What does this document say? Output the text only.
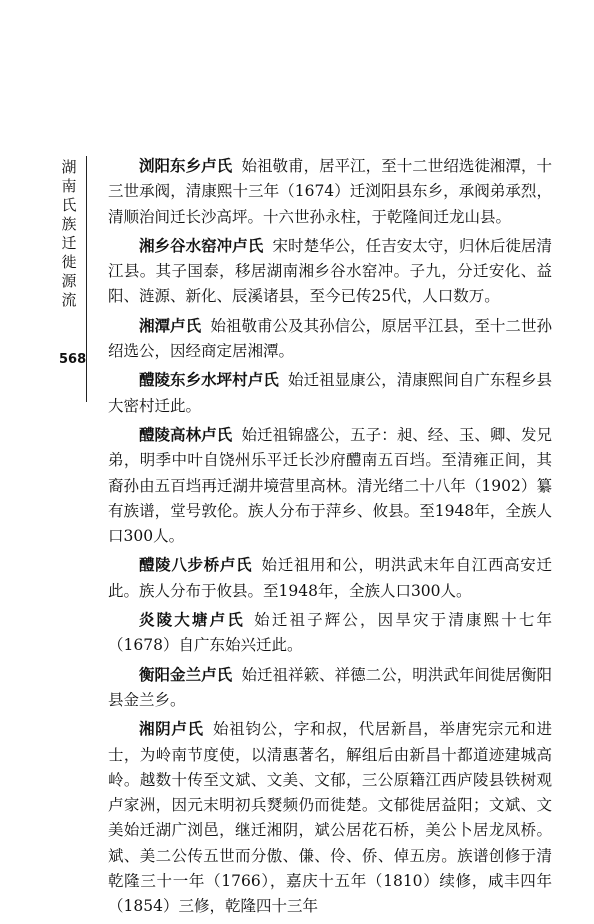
湖南氏族迁徙源流
568

浏阳东乡卢氏 始祖敬甫，居平江，至十二世绍选徙湘潭，十三世承阀，清康熙十三年（1674）迁浏阳县东乡，承阀弟承烈，清顺治间迁长沙高坪。十六世孙永柱，于乾隆间迁龙山县。

湘乡谷水窑冲卢氏 宋时楚华公，任吉安太守，归休后徙居清江县。其子国泰，移居湖南湘乡谷水窑冲。子九，分迁安化、益阳、涟源、新化、辰溪诸县，至今已传25代，人口数万。

湘潭卢氏 始祖敬甫公及其孙信公，原居平江县，至十二世孙绍选公，因经商定居湘潭。

醴陵东乡水坪村卢氏 始迁祖显康公，清康熙间自广东程乡县大密村迁此。

醴陵高林卢氏 始迁祖锦盛公，五子：昶、经、玉、卿、发兄弟，明季中叶自饶州乐平迁长沙府醴南五百垱。至清雍正间，其裔孙由五百垱再迁湖井境营里高林。清光绪二十八年（1902）纂有族谱，堂号敦伦。族人分布于萍乡、攸县。至1948年，全族人口300人。

醴陵八步桥卢氏 始迁祖用和公，明洪武末年自江西高安迁此。族人分布于攸县。至1948年，全族人口300人。

炎陵大塘卢氏 始迁祖子辉公，因旱灾于清康熙十七年（1678）自广东始兴迁此。

衡阳金兰卢氏 始迁祖祥簌、祥德二公，明洪武年间徙居衡阳县金兰乡。

湘阴卢氏 始祖钧公，字和叔，代居新昌，举唐宪宗元和进士，为岭南节度使，以清惠著名，解组后由新昌十都道迹建城高岭。越数十传至文斌、文美、文郁，三公原籍江西庐陵县铁树观卢家洲，因元末明初兵燹频仍而徙楚。文郁徙居益阳；文斌、文美始迁湖广浏邑，继迁湘阴，斌公居花石桥，美公卜居龙凤桥。斌、美二公传五世而分傲、傔、伶、侨、倬五房。族谱创修于清乾隆三十一年（1766），嘉庆十五年（1810）续修，咸丰四年（1854）三修，乾隆四十三年
